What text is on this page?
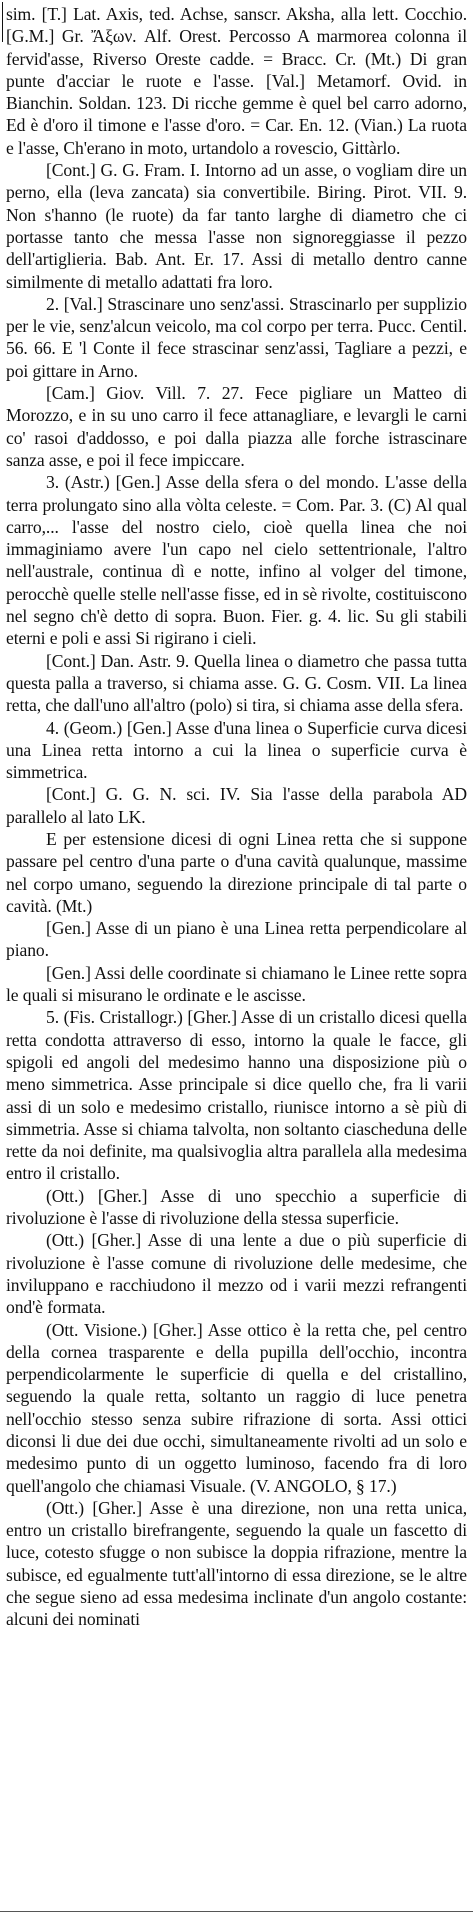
sim. [T.] Lat. Axis, ted. Achse, sanscr. Aksha, alla lett. Cocchio. [G.M.] Gr. Ἄξων. Alf. Orest. Percosso A marmorea colonna il fervid'asse, Riverso Oreste cadde. = Bracc. Cr. (Mt.) Di gran punte d'acciar le ruote e l'asse. [Val.] Metamorf. Ovid. in Bianchin. Soldan. 123. Di ricche gemme è quel bel carro adorno, Ed è d'oro il timone e l'asse d'oro. = Car. En. 12. (Vian.) La ruota e l'asse, Ch'erano in moto, urtandolo a rovescio, Gittàrlo.

[Cont.] G. G. Fram. I. Intorno ad un asse, o vogliam dire un perno, ella (leva zancata) sia convertibile. Biring. Pirot. VII. 9. Non s'hanno (le ruote) da far tanto larghe di diametro che ci portasse tanto che messa l'asse non signoreggiasse il pezzo dell'artiglieria. Bab. Ant. Er. 17. Assi di metallo dentro canne similmente di metallo adattati fra loro.

2. [Val.] Strascinare uno senz'assi. Strascinarlo per supplizio per le vie, senz'alcun veicolo, ma col corpo per terra. Pucc. Centil. 56. 66. E 'l Conte il fece strascinar senz'assi, Tagliare a pezzi, e poi gittare in Arno.

[Cam.] Giov. Vill. 7. 27. Fece pigliare un Matteo di Morozzo, e in su uno carro il fece attanagliare, e levargli le carni co' rasoi d'addosso, e poi dalla piazza alle forche istrascinare sanza asse, e poi il fece impiccare.

3. (Astr.) [Gen.] Asse della sfera o del mondo. L'asse della terra prolungato sino alla vòlta celeste. = Com. Par. 3. (C) Al qual carro,... l'asse del nostro cielo, cioè quella linea che noi immaginiamo avere l'un capo nel cielo settentrionale, l'altro nell'australe, continua dì e notte, infino al volger del timone, perocchè quelle stelle nell'asse fisse, ed in sè rivolte, costituiscono nel segno ch'è detto di sopra. Buon. Fier. g. 4. lic. Su gli stabili eterni e poli e assi Si rigirano i cieli.

[Cont.] Dan. Astr. 9. Quella linea o diametro che passa tutta questa palla a traverso, si chiama asse. G. G. Cosm. VII. La linea retta, che dall'uno all'altro (polo) si tira, si chiama asse della sfera.

4. (Geom.) [Gen.] Asse d'una linea o Superficie curva dicesi una Linea retta intorno a cui la linea o superficie curva è simmetrica.

[Cont.] G. G. N. sci. IV. Sia l'asse della parabola AD parallelo al lato LK.

E per estensione dicesi di ogni Linea retta che si suppone passare pel centro d'una parte o d'una cavità qualunque, massime nel corpo umano, seguendo la direzione principale di tal parte o cavità. (Mt.)

[Gen.] Asse di un piano è una Linea retta perpendicolare al piano.

[Gen.] Assi delle coordinate si chiamano le Linee rette sopra le quali si misurano le ordinate e le ascisse.

5. (Fis. Cristallogr.) [Gher.] Asse di un cristallo dicesi quella retta condotta attraverso di esso, intorno la quale le facce, gli spigoli ed angoli del medesimo hanno una disposizione più o meno simmetrica. Asse principale si dice quello che, fra li varii assi di un solo e medesimo cristallo, riunisce intorno a sè più di simmetria. Asse si chiama talvolta, non soltanto ciascheduna delle rette da noi definite, ma qualsivoglia altra parallela alla medesima entro il cristallo.

(Ott.) [Gher.] Asse di uno specchio a superficie di rivoluzione è l'asse di rivoluzione della stessa superficie.

(Ott.) [Gher.] Asse di una lente a due o più superficie di rivoluzione è l'asse comune di rivoluzione delle medesime, che inviluppano e racchiudono il mezzo od i varii mezzi refrangenti ond'è formata.

(Ott. Visione.) [Gher.] Asse ottico è la retta che, pel centro della cornea trasparente e della pupilla dell'occhio, incontra perpendicolarmente le superficie di quella e del cristallino, seguendo la quale retta, soltanto un raggio di luce penetra nell'occhio stesso senza subire rifrazione di sorta. Assi ottici diconsi li due dei due occhi, simultaneamente rivolti ad un solo e medesimo punto di un oggetto luminoso, facendo fra di loro quell'angolo che chiamasi Visuale. (V. ANGOLO, § 17.)

(Ott.) [Gher.] Asse è una direzione, non una retta unica, entro un cristallo birefrangente, seguendo la quale un fascetto di luce, cotesto sfugge o non subisce la doppia rifrazione, mentre la subisce, ed egualmente tutt'all'intorno di essa direzione, se le altre che segue sieno ad essa medesima inclinate d'un angolo costante: alcuni dei nominati
